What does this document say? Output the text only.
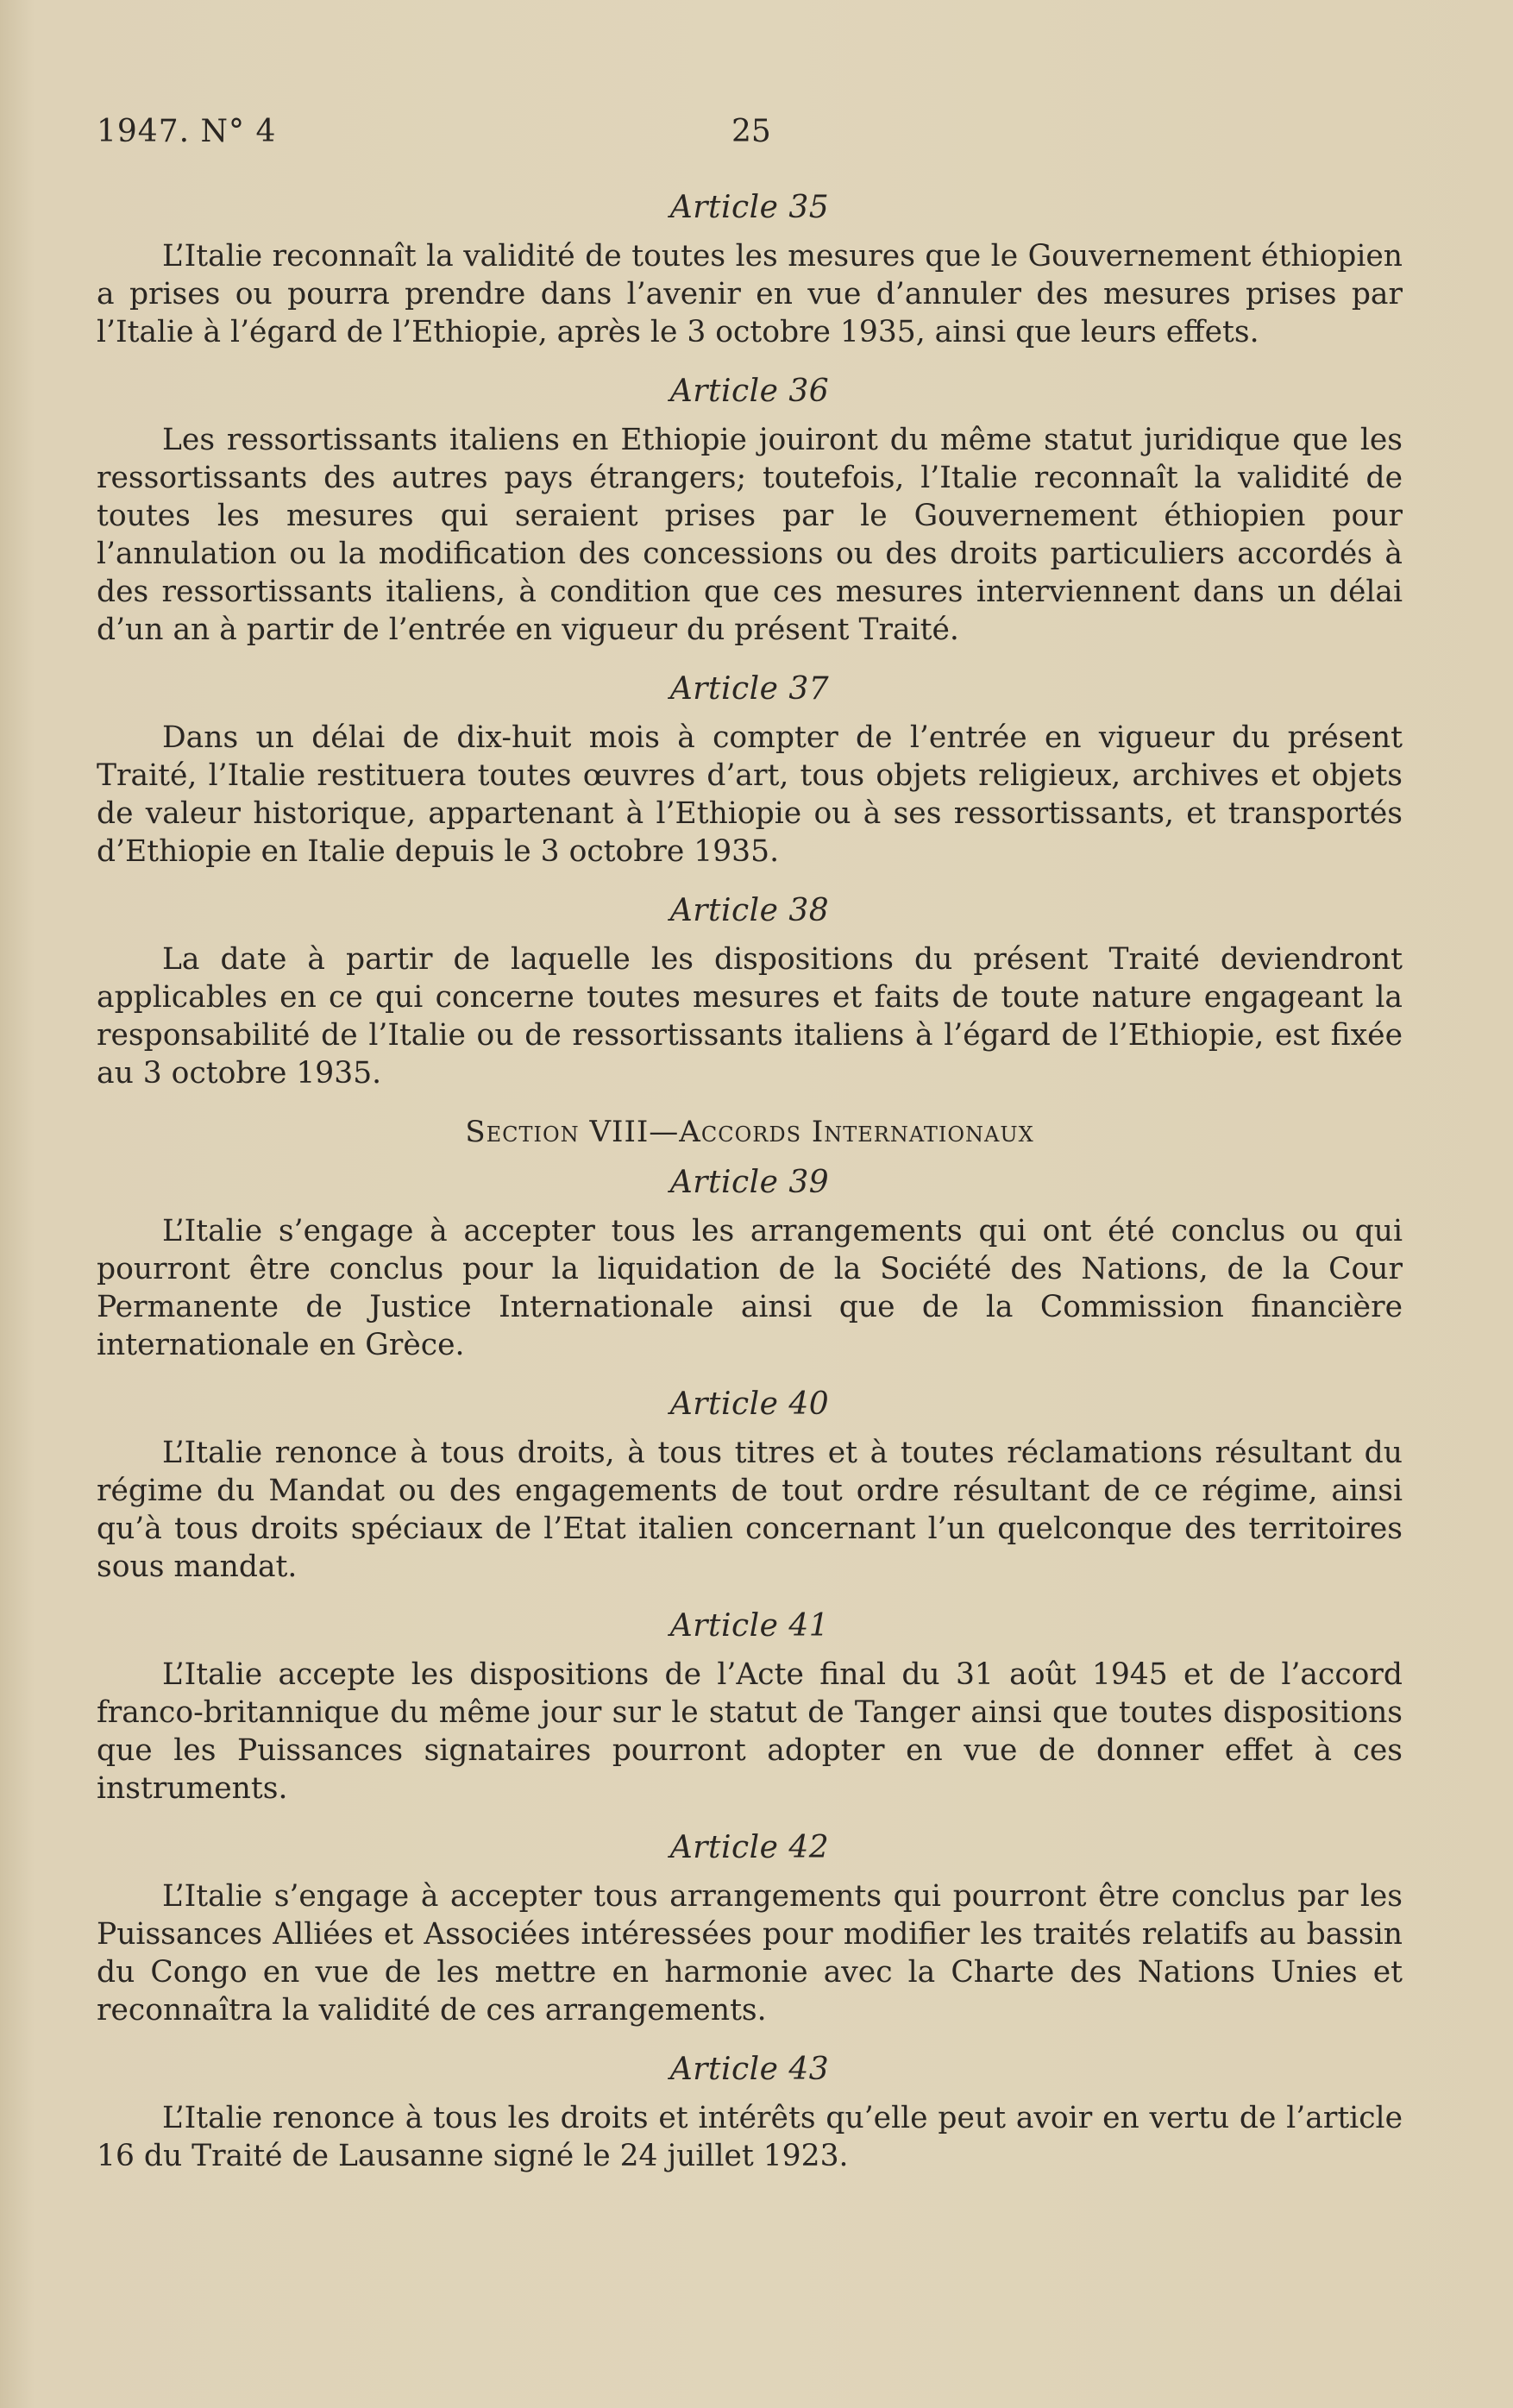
1947. N° 4	25
Article 35

L’Italie reconnaît la validité de toutes les mesures que le Gouvernement éthiopien a prises ou pourra prendre dans l’avenir en vue d’annuler des mesures prises par l’Italie à l’égard de l’Ethiopie, après le 3 octobre 1935, ainsi que leurs effets.

Article 36

Les ressortissants italiens en Ethiopie jouiront du même statut juridique que les ressortissants des autres pays étrangers; toutefois, l’Italie reconnaît la validité de toutes les mesures qui seraient prises par le Gouvernement éthiopien pour l’annulation ou la modification des concessions ou des droits particuliers accordés à des ressortissants italiens, à condition que ces mesures interviennent dans un délai d’un an à partir de l’entrée en vigueur du présent Traité.

Article 37

Dans un délai de dix-huit mois à compter de l’entrée en vigueur du présent Traité, l’Italie restituera toutes œuvres d’art, tous objets religieux, archives et objets de valeur historique, appartenant à l’Ethiopie ou à ses ressortissants, et transportés d’Ethiopie en Italie depuis le 3 octobre 1935.

Article 38

La date à partir de laquelle les dispositions du présent Traité deviendront applicables en ce qui concerne toutes mesures et faits de toute nature engageant la responsabilité de l’Italie ou de ressortissants italiens à l’égard de l’Ethiopie, est fixée au 3 octobre 1935.

Section VIII—Accords Internationaux
Article 39

L’Italie s’engage à accepter tous les arrangements qui ont été conclus ou qui pourront être conclus pour la liquidation de la Société des Nations, de la Cour Permanente de Justice Internationale ainsi que de la Commission financière internationale en Grèce.

Article 40

L’Italie renonce à tous droits, à tous titres et à toutes réclamations résultant du régime du Mandat ou des engagements de tout ordre résultant de ce régime, ainsi qu’à tous droits spéciaux de l’Etat italien concernant l’un quelconque des territoires sous mandat.

Article 41

L’Italie accepte les dispositions de l’Acte final du 31 août 1945 et de l’accord franco-britannique du même jour sur le statut de Tanger ainsi que toutes dispositions que les Puissances signataires pourront adopter en vue de donner effet à ces instruments.

Article 42

L’Italie s’engage à accepter tous arrangements qui pourront être conclus par les Puissances Alliées et Associées intéressées pour modifier les traités relatifs au bassin du Congo en vue de les mettre en harmonie avec la Charte des Nations Unies et reconnaîtra la validité de ces arrangements.

Article 43

L’Italie renonce à tous les droits et intérêts qu’elle peut avoir en vertu de l’article 16 du Traité de Lausanne signé le 24 juillet 1923.
